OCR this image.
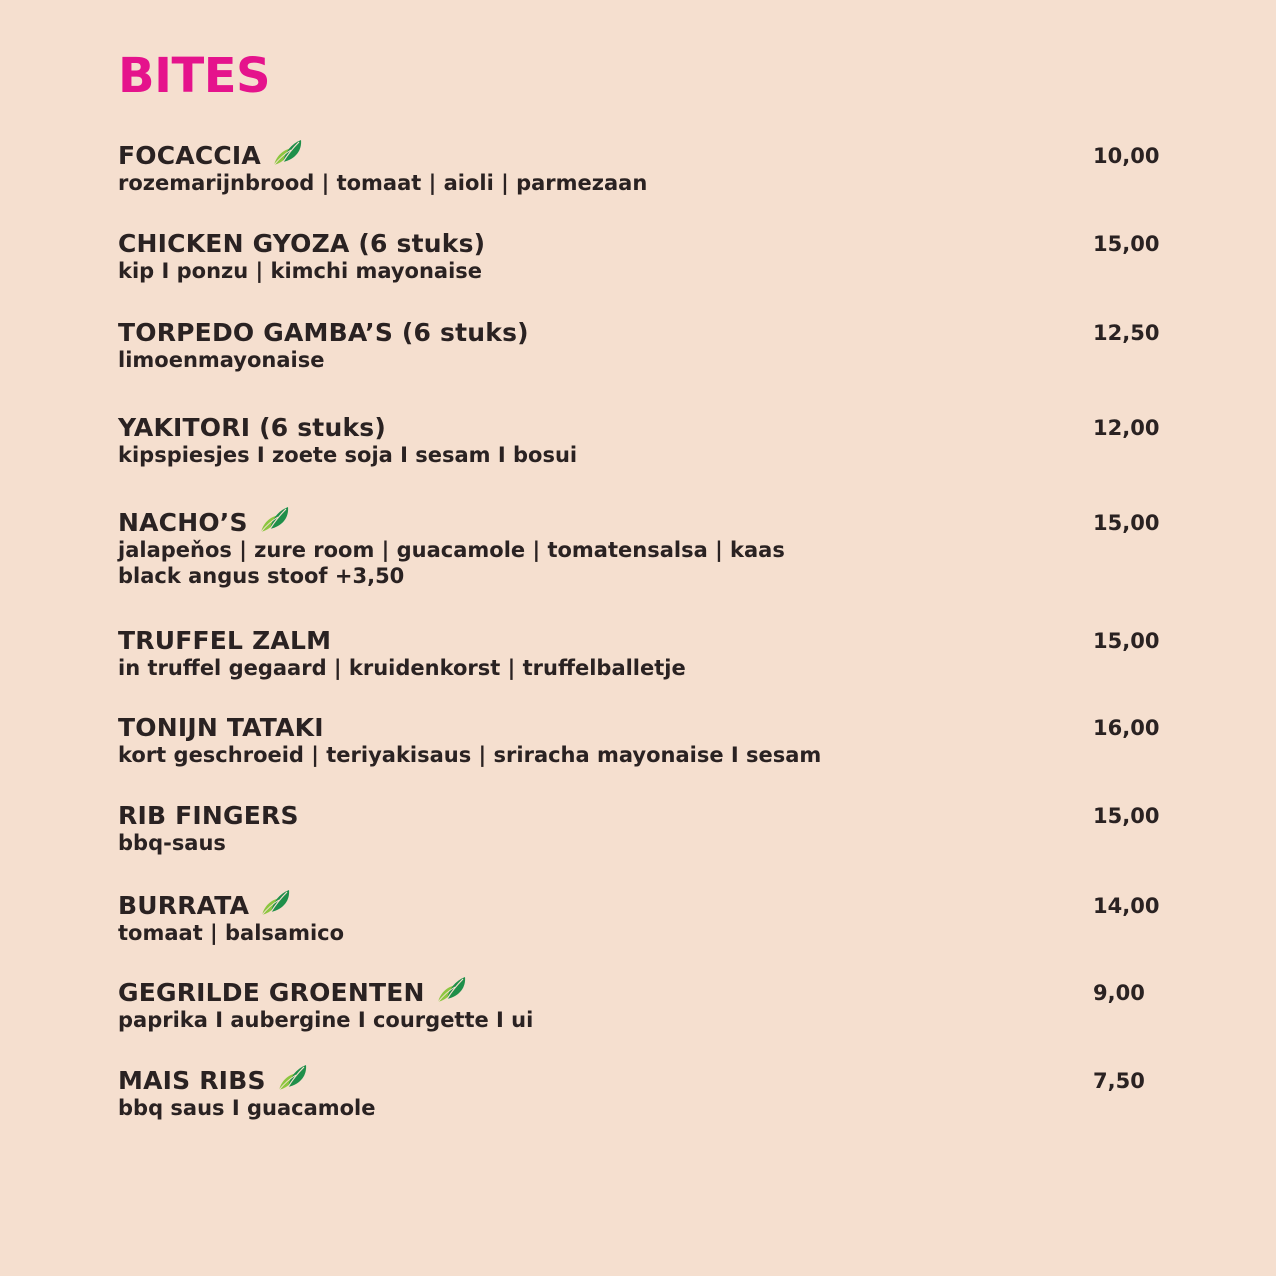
BITES
FOCACCIA
rozemarijnbrood | tomaat | aioli | parmezaan
10,00
CHICKEN GYOZA (6 stuks)
kip I ponzu | kimchi mayonaise
15,00
TORPEDO GAMBA’S (6 stuks)
limoenmayonaise
12,50
YAKITORI (6 stuks)
kipspiesjes I zoete soja I sesam I bosui
12,00
NACHO’S
jalapeňos | zure room | guacamole | tomatensalsa | kaas
black angus stoof +3,50
15,00
TRUFFEL ZALM
in truffel gegaard | kruidenkorst | truffelballetje
15,00
TONIJN TATAKI
kort geschroeid | teriyakisaus | sriracha mayonaise I sesam
16,00
RIB FINGERS
bbq-saus
15,00
BURRATA
tomaat | balsamico
14,00
GEGRILDE GROENTEN
paprika I aubergine I courgette I ui
9,00
MAIS RIBS
bbq saus I guacamole
7,50
